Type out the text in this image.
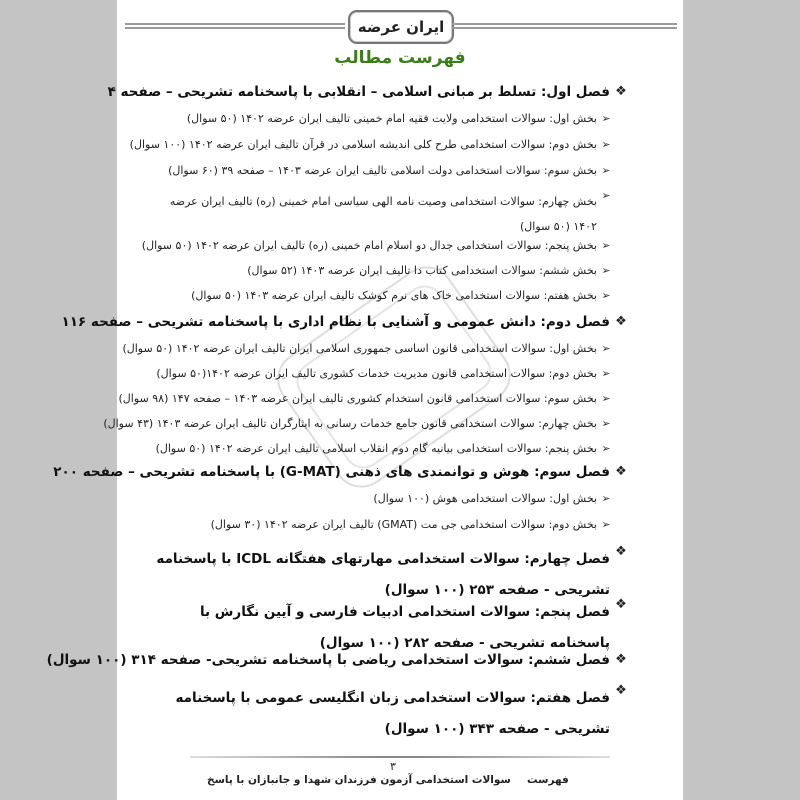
ایران عرضه
فهرست مطالب
❖
فصل اول: تسلط بر مبانی اسلامی – انقلابی با پاسخنامه تشریحی – صفحه ۴
➢
بخش اول: سوالات استخدامی ولایت فقیه امام خمینی تالیف ایران عرضه ۱۴۰۲ (۵۰ سوال)
➢
بخش دوم: سوالات استخدامی طرح کلی اندیشه اسلامی در قرآن تالیف ایران عرضه ۱۴۰۲ (۱۰۰ سوال)
➢
بخش سوم: سوالات استخدامی دولت اسلامی تالیف ایران عرضه ۱۴۰۳ – صفحه ۳۹ (۶۰ سوال)
➢
بخش چهارم: سوالات استخدامی وصیت نامه الهی سیاسی امام خمینی (ره) تالیف ایران عرضه ۱۴۰۲ (۵۰ سوال)
➢
بخش پنجم: سوالات استخدامی جدال دو اسلام امام خمینی (ره) تالیف ایران عرضه ۱۴۰۲ (۵۰ سوال)
➢
بخش ششم: سوالات استخدامی کتاب دا تالیف ایران عرضه ۱۴۰۳ (۵۲ سوال)
➢
بخش هفتم: سوالات استخدامی خاک های نرم کوشک تالیف ایران عرضه ۱۴۰۳ (۵۰ سوال)
❖
فصل دوم: دانش عمومی و آشنایی با نظام اداری با پاسخنامه تشریحی – صفحه ۱۱۶
➢
بخش اول: سوالات استخدامی قانون اساسی جمهوری اسلامی ایران تالیف ایران عرضه ۱۴۰۲ (۵۰ سوال)
➢
بخش دوم: سوالات استخدامی قانون مدیریت خدمات کشوری تالیف ایران عرضه ۱۴۰۲(۵۰ سوال)
➢
بخش سوم: سوالات استخدامی قانون استخدام کشوری تالیف ایران عرضه ۱۴۰۳ – صفحه ۱۴۷ (۹۸ سوال)
➢
بخش چهارم: سوالات استخدامی قانون جامع خدمات رسانی به ایثارگران تالیف ایران عرضه ۱۴۰۳ (۴۳ سوال)
➢
بخش پنجم: سوالات استخدامی بیانیه گام دوم انقلاب اسلامی تالیف ایران عرضه ۱۴۰۲ (۵۰ سوال)
❖
فصل سوم: هوش و توانمندی های ذهنی (G-MAT) با پاسخنامه تشریحی – صفحه ۲۰۰
➢
بخش اول: سوالات استخدامی هوش (۱۰۰ سوال)
➢
بخش دوم: سوالات استخدامی جی مت (GMAT) تالیف ایران عرضه ۱۴۰۲ (۳۰ سوال)
❖
فصل چهارم: سوالات استخدامی مهارتهای هفتگانه ICDL با پاسخنامه تشریحی - صفحه ۲۵۳ (۱۰۰ سوال)
❖
فصل پنجم: سوالات استخدامی ادبیات فارسی و آیین نگارش با پاسخنامه تشریحی - صفحه ۲۸۲ (۱۰۰ سوال)
❖
فصل ششم: سوالات استخدامی ریاضی با پاسخنامه تشریحی- صفحه ۳۱۴ (۱۰۰ سوال)
❖
فصل هفتم: سوالات استخدامی زبان انگلیسی عمومی با پاسخنامه تشریحی - صفحه ۳۴۳ (۱۰۰ سوال)
۳
سوالات استخدامی آزمون فرزندان شهدا و جانبازان با پاسخ فهرست
